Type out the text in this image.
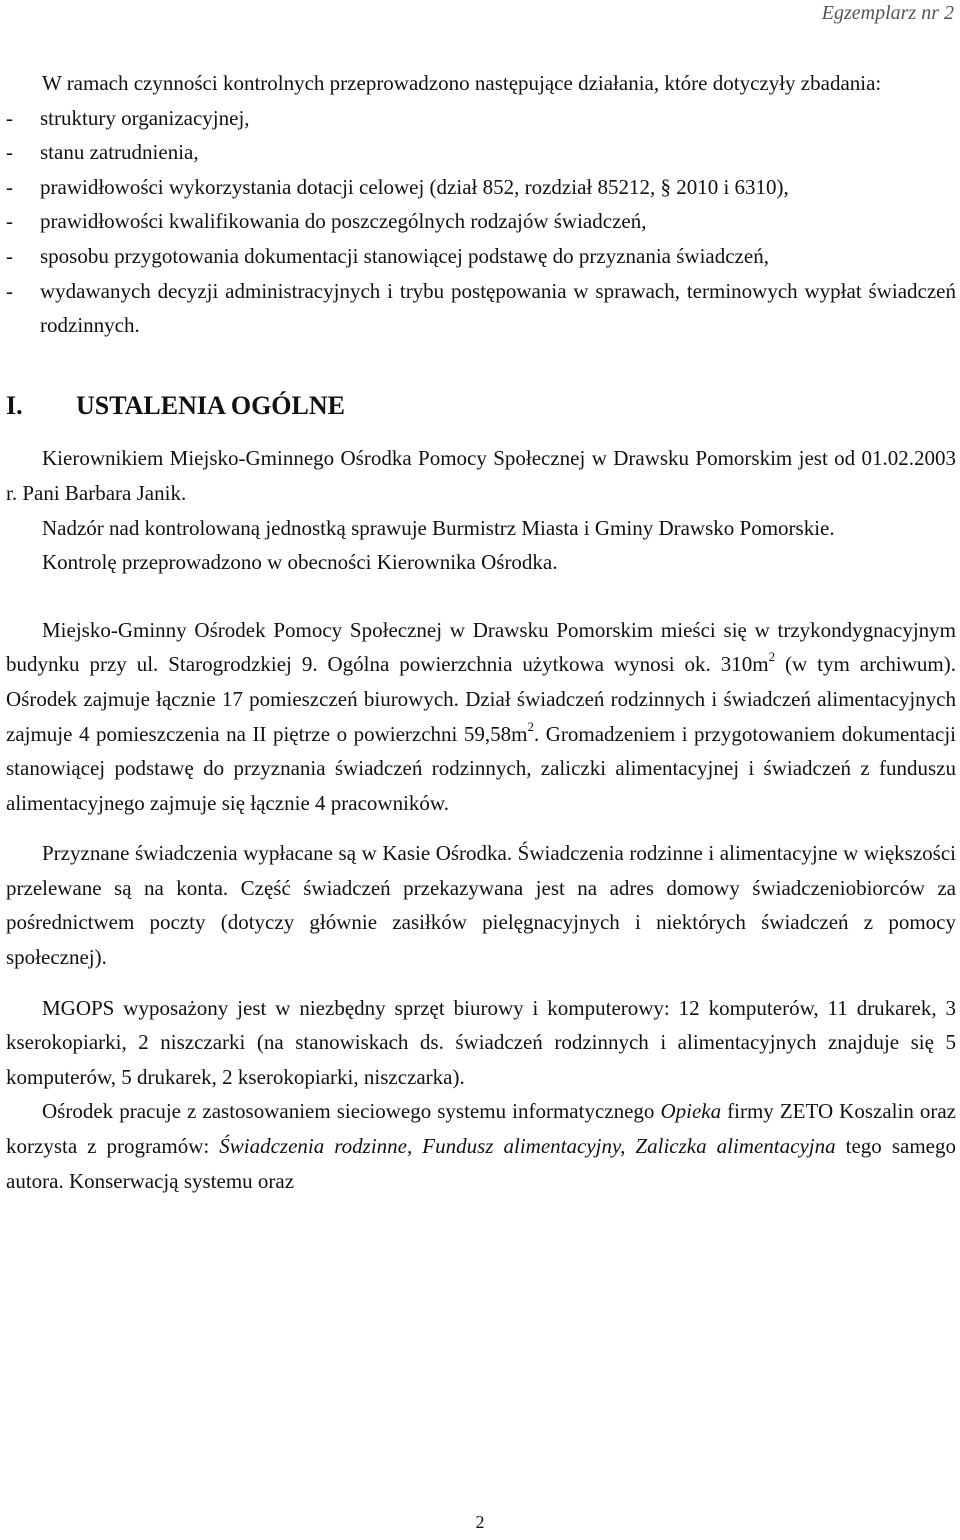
Egzemplarz nr 2

W ramach czynności kontrolnych przeprowadzono następujące działania, które dotyczyły zbadania:

-	struktury organizacyjnej,
-	stanu zatrudnienia,
-	prawidłowości wykorzystania dotacji celowej (dział 852, rozdział 85212, § 2010 i 6310),
-	prawidłowości kwalifikowania do poszczególnych rodzajów świadczeń,
-	sposobu przygotowania dokumentacji stanowiącej podstawę do przyznania świadczeń,
-	wydawanych decyzji administracyjnych i trybu postępowania w sprawach, terminowych wypłat świadczeń rodzinnych.

I.	USTALENIA OGÓLNE

Kierownikiem Miejsko-Gminnego Ośrodka Pomocy Społecznej w Drawsku Pomorskim jest od 01.02.2003 r. Pani Barbara Janik.

Nadzór nad kontrolowaną jednostką sprawuje Burmistrz Miasta i Gminy Drawsko Pomorskie.

Kontrolę przeprowadzono w obecności Kierownika Ośrodka.

Miejsko-Gminny Ośrodek Pomocy Społecznej w Drawsku Pomorskim mieści się w trzykondygnacyjnym budynku przy ul. Starogrodzkiej 9. Ogólna powierzchnia użytkowa wynosi ok. $310m^2$ (w tym archiwum). Ośrodek zajmuje łącznie 17 pomieszczeń biurowych. Dział świadczeń rodzinnych i świadczeń alimentacyjnych zajmuje 4 pomieszczenia na II piętrze o powierzchni $59,58m^2$. Gromadzeniem i przygotowaniem dokumentacji stanowiącej podstawę do przyznania świadczeń rodzinnych, zaliczki alimentacyjnej i świadczeń z funduszu alimentacyjnego zajmuje się łącznie 4 pracowników.

Przyznane świadczenia wypłacane są w Kasie Ośrodka. Świadczenia rodzinne i alimentacyjne w większości przelewane są na konta. Część świadczeń przekazywana jest na adres domowy świadczeniobiorców za pośrednictwem poczty (dotyczy głównie zasiłków pielęgnacyjnych i niektórych świadczeń z pomocy społecznej).

MGOPS wyposażony jest w niezbędny sprzęt biurowy i komputerowy: 12 komputerów, 11 drukarek, 3 kserokopiarki, 2 niszczarki (na stanowiskach ds. świadczeń rodzinnych i alimentacyjnych znajduje się 5 komputerów, 5 drukarek, 2 kserokopiarki, niszczarka).

Ośrodek pracuje z zastosowaniem sieciowego systemu informatycznego Opieka firmy ZETO Koszalin oraz korzysta z programów: Świadczenia rodzinne, Fundusz alimentacyjny, Zaliczka alimentacyjna tego samego autora. Konserwacją systemu oraz

2
